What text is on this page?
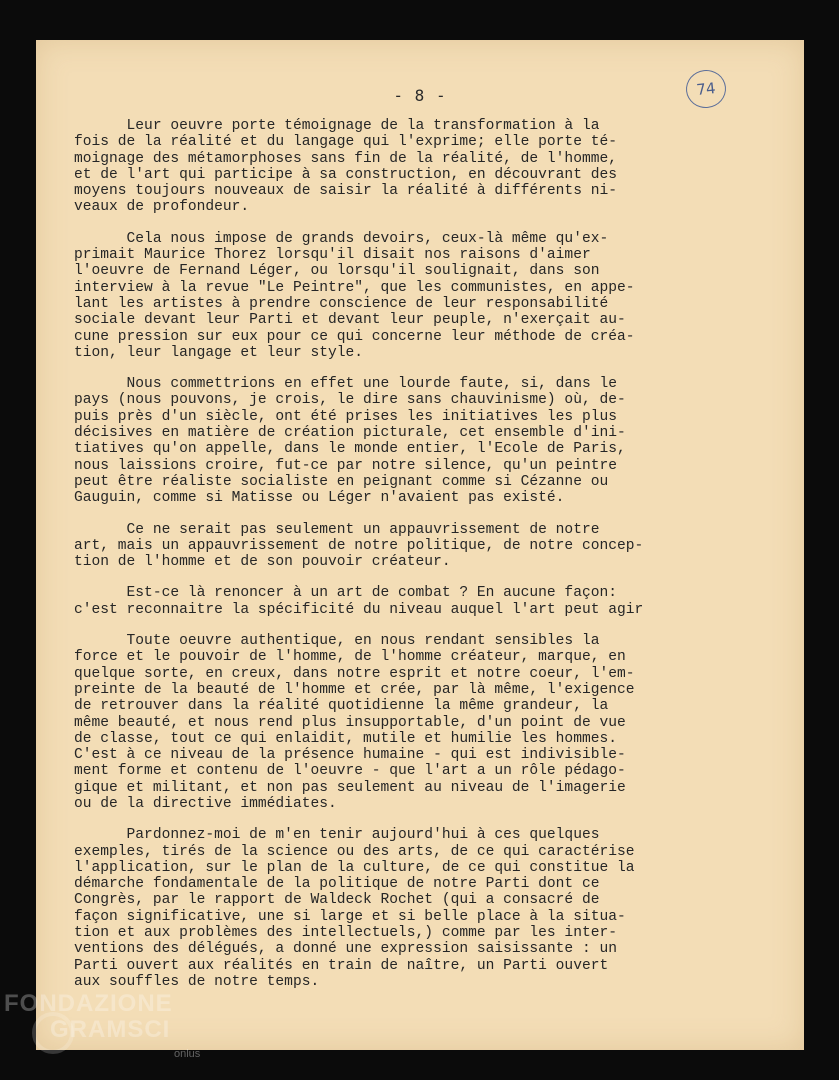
- 8 -	74

Leur oeuvre porte témoignage de la transformation à la
fois de la réalité et du langage qui l'exprime; elle porte té-
moignage des métamorphoses sans fin de la réalité, de l'homme,
et de l'art qui participe à sa construction, en découvrant des
moyens toujours nouveaux de saisir la réalité à différents ni-
veaux de profondeur.

Cela nous impose de grands devoirs, ceux-là même qu'ex-
primait Maurice Thorez lorsqu'il disait nos raisons d'aimer
l'oeuvre de Fernand Léger, ou lorsqu'il soulignait, dans son
interview à la revue "Le Peintre", que les communistes, en appe-
lant les artistes à prendre conscience de leur responsabilité
sociale devant leur Parti et devant leur peuple, n'exerçait au-
cune pression sur eux pour ce qui concerne leur méthode de créa-
tion, leur langage et leur style.

Nous commettrions en effet une lourde faute, si, dans le
pays (nous pouvons, je crois, le dire sans chauvinisme) où, de-
puis près d'un siècle, ont été prises les initiatives les plus
décisives en matière de création picturale, cet ensemble d'ini-
tiatives qu'on appelle, dans le monde entier, l'Ecole de Paris,
nous laissions croire, fut-ce par notre silence, qu'un peintre
peut être réaliste socialiste en peignant comme si Cézanne ou
Gauguin, comme si Matisse ou Léger n'avaient pas existé.

Ce ne serait pas seulement un appauvrissement de notre
art, mais un appauvrissement de notre politique, de notre concep-
tion de l'homme et de son pouvoir créateur.

Est-ce là renoncer à un art de combat ? En aucune façon:
c'est reconnaitre la spécificité du niveau auquel l'art peut agir

Toute oeuvre authentique, en nous rendant sensibles la
force et le pouvoir de l'homme, de l'homme créateur, marque, en
quelque sorte, en creux, dans notre esprit et notre coeur, l'em-
preinte de la beauté de l'homme et crée, par là même, l'exigence
de retrouver dans la réalité quotidienne la même grandeur, la
même beauté, et nous rend plus insupportable, d'un point de vue
de classe, tout ce qui enlaidit, mutile et humilie les hommes.
C'est à ce niveau de la présence humaine - qui est indivisible-
ment forme et contenu de l'oeuvre - que l'art a un rôle pédago-
gique et militant, et non pas seulement au niveau de l'imagerie
ou de la directive immédiates.

Pardonnez-moi de m'en tenir aujourd'hui à ces quelques
exemples, tirés de la science ou des arts, de ce qui caractérise
l'application, sur le plan de la culture, de ce qui constitue la
démarche fondamentale de la politique de notre Parti dont ce
Congrès, par le rapport de Waldeck Rochet (qui a consacré de
façon significative, une si large et si belle place à la situa-
tion et aux problèmes des intellectuels,) comme par les inter-
ventions des délégués, a donné une expression saisissante : un
Parti ouvert aux réalités en train de naître, un Parti ouvert
aux souffles de notre temps.

FONDAZIONE
GRAMSCI
onlus
